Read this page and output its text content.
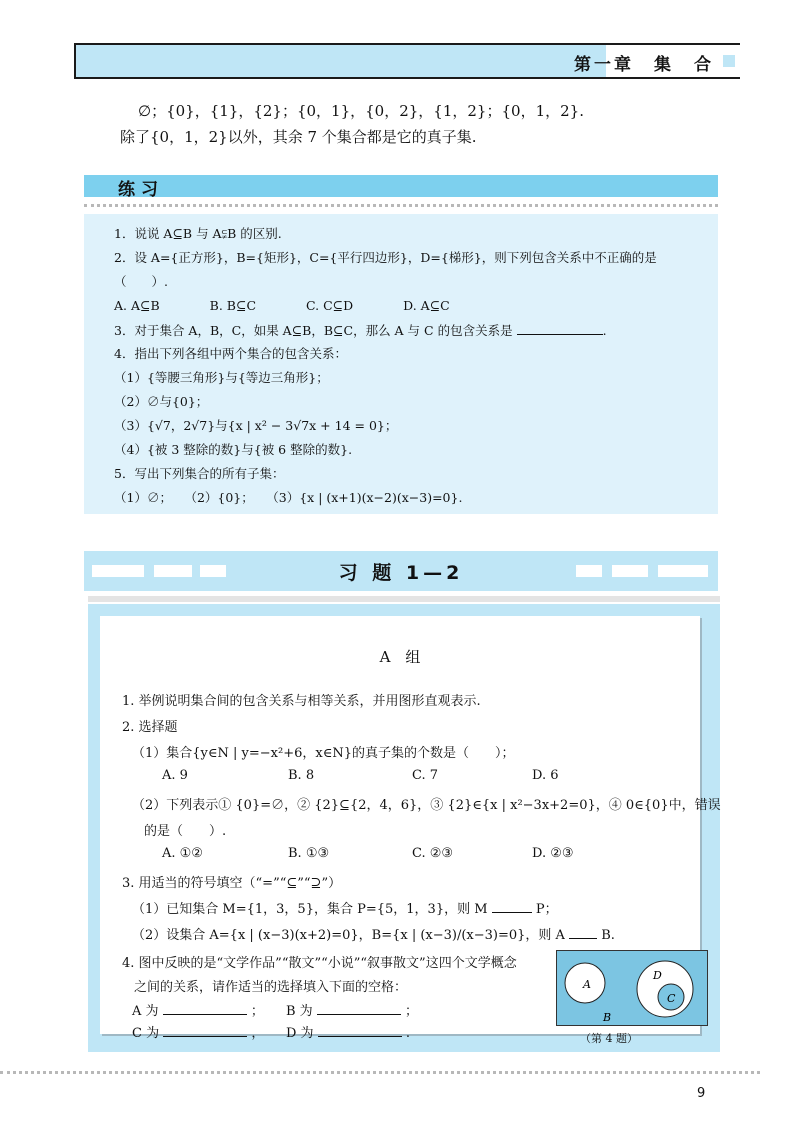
第一章　集　合
∅；{0}，{1}，{2}；{0，1}，{0，2}，{1，2}；{0，1，2}.
除了{0，1，2}以外，其余 7 个集合都是它的真子集.
练习
1．说说 A⊆B 与 A⫋B 的区别.
2．设 A={正方形}，B={矩形}，C={平行四边形}，D={梯形}，则下列包含关系中不正确的是
（　　）.
A. A⊆B　　　　B. B⊆C　　　　C. C⊆D　　　　D. A⊆C
3．对于集合 A，B，C，如果 A⊆B，B⊆C，那么 A 与 C 的包含关系是	.
4．指出下列各组中两个集合的包含关系：
（1）{等腰三角形}与{等边三角形}；
（2）∅与{0}；
（3）{√7，2√7}与{x | x² − 3√7x + 14 = 0}；
（4）{被 3 整除的数}与{被 6 整除的数}.
5．写出下列集合的所有子集：
（1）∅；　　（2）{0}；　　（3）{x | (x+1)(x−2)(x−3)=0}.
习 题 1—2
A　组
1. 举例说明集合间的包含关系与相等关系，并用图形直观表示.
2. 选择题
（1）集合{y∈N | y=−x²+6，x∈N}的真子集的个数是（　　）；
A. 9	B. 8	C. 7	D. 6
（2）下列表示① {0}=∅，② {2}⊆{2，4，6}，③ {2}∈{x | x²−3x+2=0}，④ 0∈{0}中，错误
的是（　　）.
A. ①②	B. ①③	C. ②③	D. ②③
3. 用适当的符号填空（“=”“⊆”“⊇”）
（1）已知集合 M={1，3，5}，集合 P={5，1，3}，则 M	P；
（2）设集合 A={x | (x−3)(x+2)=0}，B={x | (x−3)/(x−3)=0}，则 A	B.
4. 图中反映的是“文学作品”“散文”“小说”“叙事散文”这四个文学概念
之间的关系，请作适当的选择填入下面的空格：
A 为	； B 为	；
C 为	， D 为	.
A
D
C
B
（第 4 题）
9
